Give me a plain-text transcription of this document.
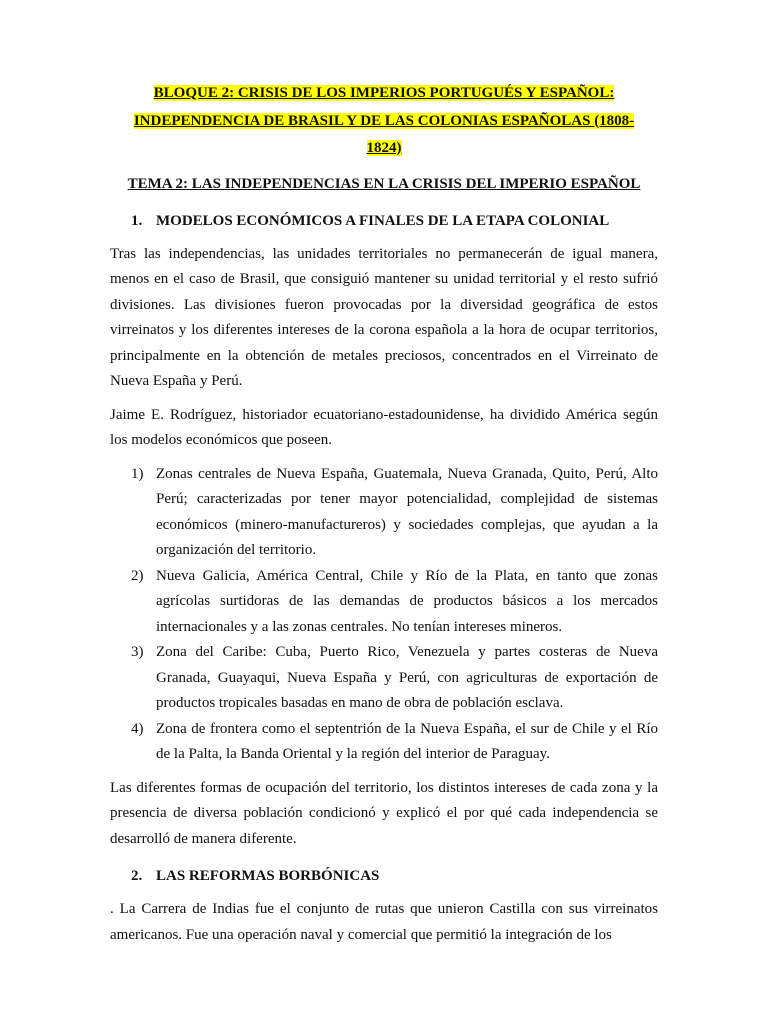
BLOQUE 2: CRISIS DE LOS IMPERIOS PORTUGUÉS Y ESPAÑOL:
INDEPENDENCIA DE BRASIL Y DE LAS COLONIAS ESPAÑOLAS (1808-
1824)

TEMA 2: LAS INDEPENDENCIAS EN LA CRISIS DEL IMPERIO ESPAÑOL

1. MODELOS ECONÓMICOS A FINALES DE LA ETAPA COLONIAL

Tras las independencias, las unidades territoriales no permanecerán de igual manera, menos en el caso de Brasil, que consiguió mantener su unidad territorial y el resto sufrió divisiones. Las divisiones fueron provocadas por la diversidad geográfica de estos virreinatos y los diferentes intereses de la corona española a la hora de ocupar territorios, principalmente en la obtención de metales preciosos, concentrados en el Virreinato de Nueva España y Perú.

Jaime E. Rodríguez, historiador ecuatoriano-estadounidense, ha dividido América según los modelos económicos que poseen.

1) Zonas centrales de Nueva España, Guatemala, Nueva Granada, Quito, Perú, Alto Perú; caracterizadas por tener mayor potencialidad, complejidad de sistemas económicos (minero-manufactureros) y sociedades complejas, que ayudan a la organización del territorio.
2) Nueva Galicia, América Central, Chile y Río de la Plata, en tanto que zonas agrícolas surtidoras de las demandas de productos básicos a los mercados internacionales y a las zonas centrales. No tenían intereses mineros.
3) Zona del Caribe: Cuba, Puerto Rico, Venezuela y partes costeras de Nueva Granada, Guayaqui, Nueva España y Perú, con agriculturas de exportación de productos tropicales basadas en mano de obra de población esclava.
4) Zona de frontera como el septentrión de la Nueva España, el sur de Chile y el Río de la Palta, la Banda Oriental y la región del interior de Paraguay.

Las diferentes formas de ocupación del territorio, los distintos intereses de cada zona y la presencia de diversa población condicionó y explicó el por qué cada independencia se desarrolló de manera diferente.

2. LAS REFORMAS BORBÓNICAS

. La Carrera de Indias fue el conjunto de rutas que unieron Castilla con sus virreinatos americanos. Fue una operación naval y comercial que permitió la integración de los
